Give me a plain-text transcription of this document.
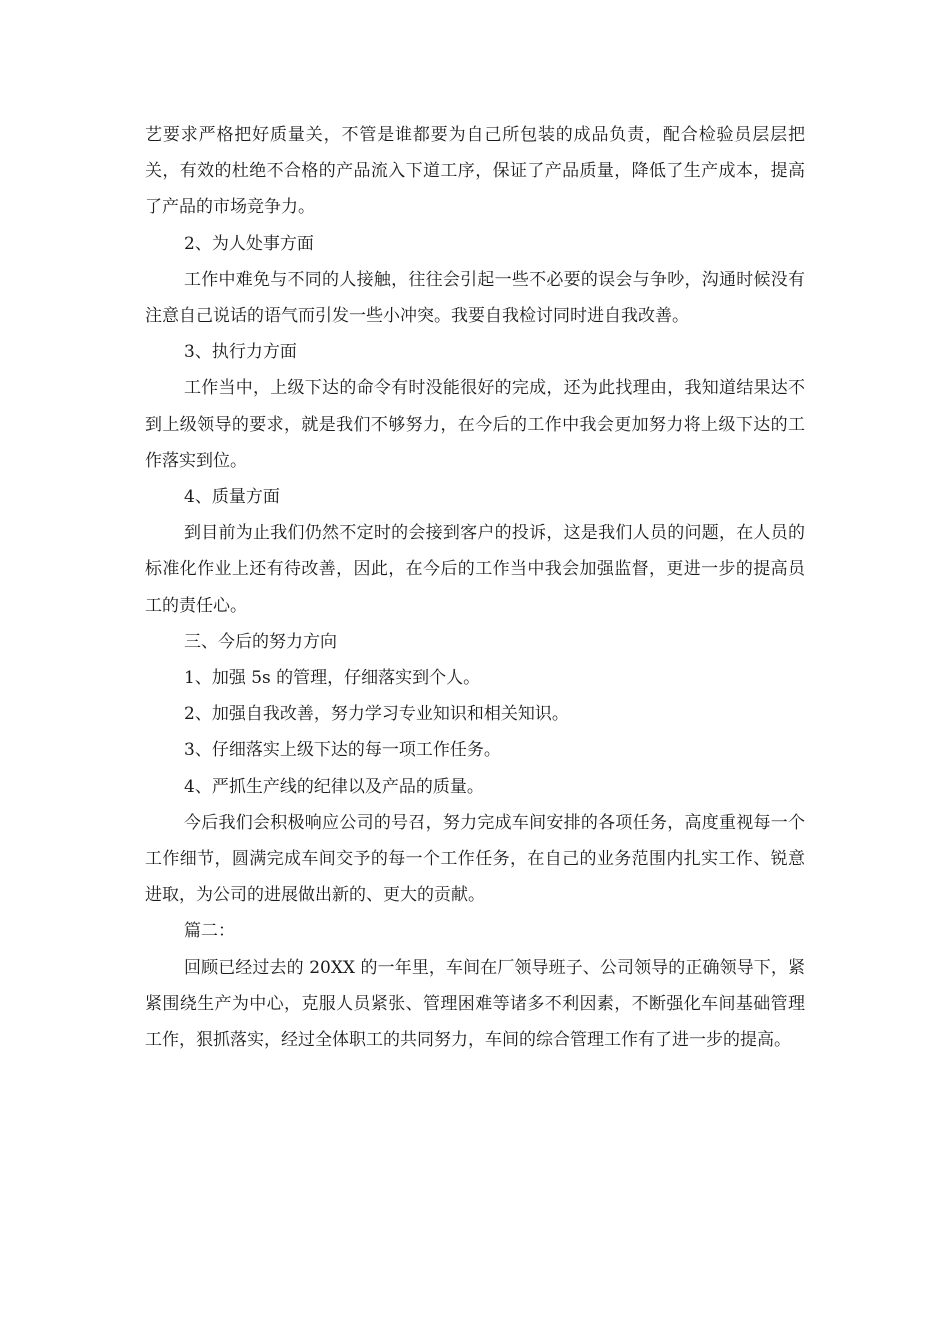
艺要求严格把好质量关，不管是谁都要为自己所包装的成品负责，配合检验员层层把关，有效的杜绝不合格的产品流入下道工序，保证了产品质量，降低了生产成本，提高了产品的市场竞争力。

2、为人处事方面

工作中难免与不同的人接触，往往会引起一些不必要的误会与争吵，沟通时候没有注意自己说话的语气而引发一些小冲突。我要自我检讨同时进自我改善。

3、执行力方面

工作当中，上级下达的命令有时没能很好的完成，还为此找理由，我知道结果达不到上级领导的要求，就是我们不够努力，在今后的工作中我会更加努力将上级下达的工作落实到位。

4、质量方面

到目前为止我们仍然不定时的会接到客户的投诉，这是我们人员的问题，在人员的标准化作业上还有待改善，因此，在今后的工作当中我会加强监督，更进一步的提高员工的责任心。

三、今后的努力方向

1、加强 5s 的管理，仔细落实到个人。

2、加强自我改善，努力学习专业知识和相关知识。

3、仔细落实上级下达的每一项工作任务。

4、严抓生产线的纪律以及产品的质量。

今后我们会积极响应公司的号召，努力完成车间安排的各项任务，高度重视每一个工作细节，圆满完成车间交予的每一个工作任务，在自己的业务范围内扎实工作、锐意进取，为公司的进展做出新的、更大的贡献。

篇二：

回顾已经过去的 20XX 的一年里，车间在厂领导班子、公司领导的正确领导下，紧紧围绕生产为中心，克服人员紧张、管理困难等诸多不利因素，不断强化车间基础管理工作，狠抓落实，经过全体职工的共同努力，车间的综合管理工作有了进一步的提高。
